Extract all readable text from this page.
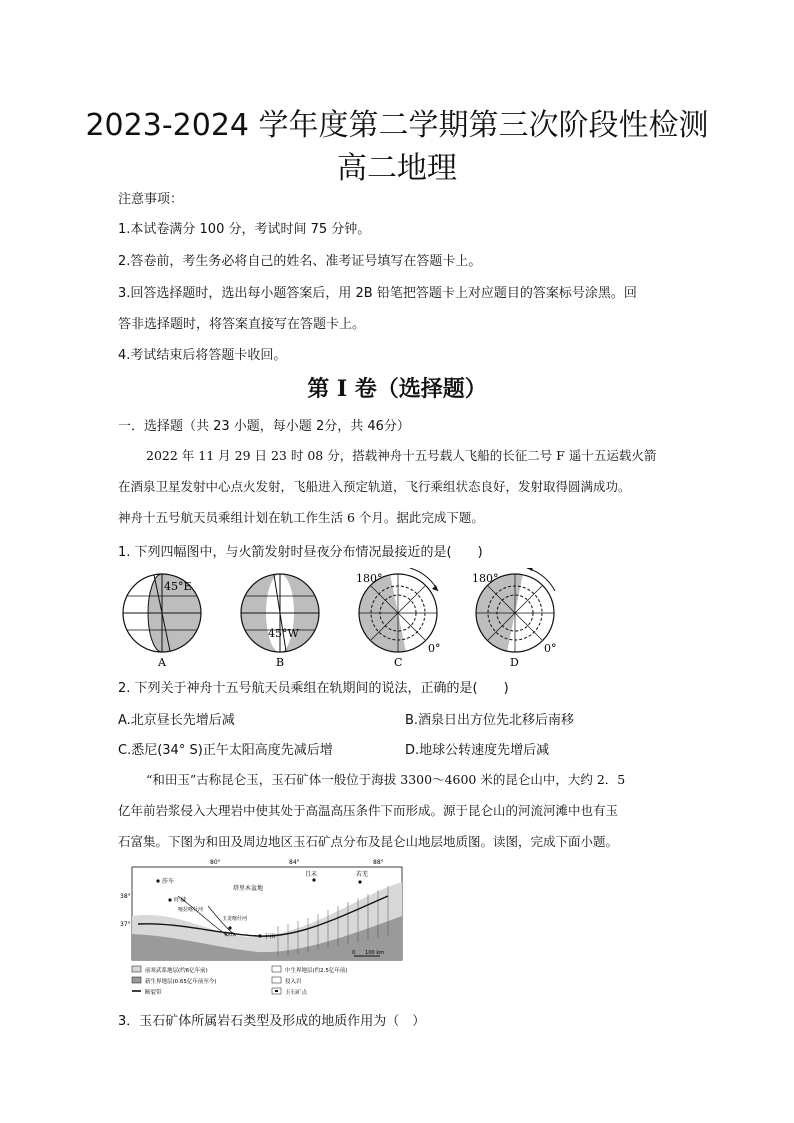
2023-2024 学年度第二学期第三次阶段性检测
高二地理
注意事项：
1.本试卷满分 100 分，考试时间 75 分钟。
2.答卷前，考生务必将自己的姓名、准考证号填写在答题卡上。
3.回答选择题时，选出每小题答案后，用 2B 铅笔把答题卡上对应题目的答案标号涂黑。回
答非选择题时，将答案直接写在答题卡上。
4.考试结束后将答题卡收回。
第 I 卷（选择题）
一．选择题（共 23 小题，每小题 2分，共 46分）
2022 年 11 月 29 日 23 时 08 分，搭载神舟十五号载人飞船的长征二号 F 遥十五运载火箭
在酒泉卫星发射中心点火发射，飞船进入预定轨道，飞行乘组状态良好，发射取得圆满成功。
神舟十五号航天员乘组计划在轨工作生活 6 个月。据此完成下题。
1. 下列四幅图中，与火箭发射时昼夜分布情况最接近的是(　　)
45°E
A
45°W
B
180°
0°
C
180°
0°
D
2. 下列关于神舟十五号航天员乘组在轨期间的说法，正确的是(　　)
A.北京昼长先增后减	B.酒泉日出方位先北移后南移
C.悉尼(34° S)正午太阳高度先减后增	D.地球公转速度先增后减
“和田玉”古称昆仑玉，玉石矿体一般位于海拔 3300～4600 米的昆仑山中，大约 2．5
亿年前岩浆侵入大理岩中使其处于高温高压条件下而形成。源于昆仑山的河流河滩中也有玉
石富集。下图为和田及周边地区玉石矿点分布及昆仑山地层地质图。读图，完成下面小题。
80°	84°	88°
38°
37°
莎车
叶城
喀拉喀什河
玉龙喀什河
和田	于田
塔里木盆地
且末	若羌
0　　100 km
前寒武系地层(约6亿年前)	中生界地层(约2.5亿年前)
新生界地层(0.65亿年前至今)	侵入岩
断裂带	玉石矿点
3．玉石矿体所属岩石类型及形成的地质作用为（　）
